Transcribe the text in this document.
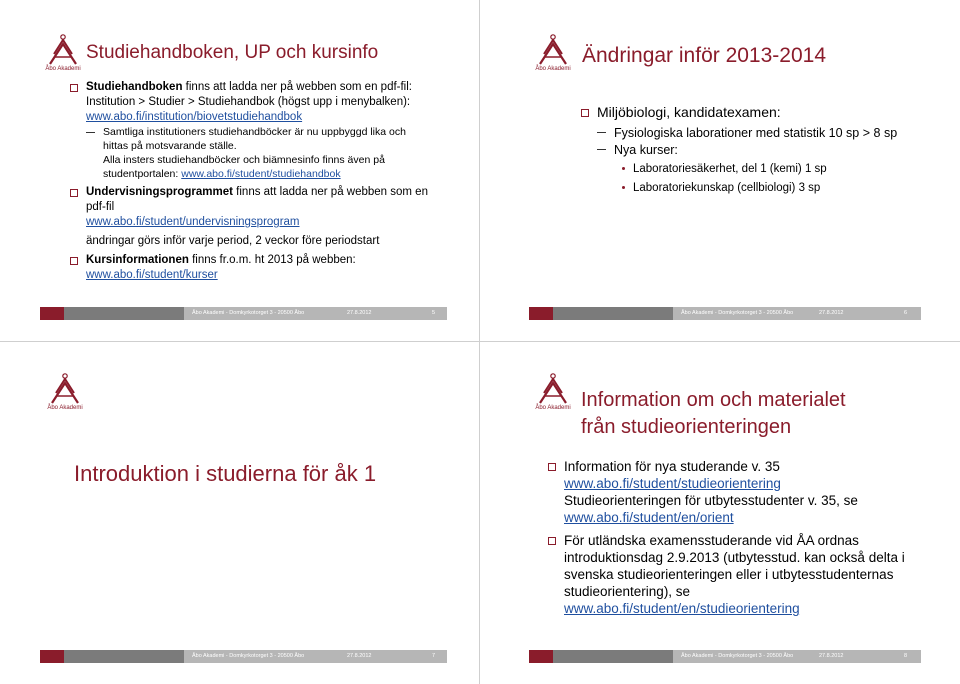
Åbo Akademi
Studiehandboken, UP och kursinfo

Studiehandboken finns att ladda ner på webben som en pdf-fil: Institution > Studier > Studiehandbok (högst upp i menybalken): www.abo.fi/institution/biovetstudiehandbok

Samtliga institutioners studiehandböcker är nu uppbyggd lika och hittas på motsvarande ställe.

Alla insters studiehandböcker och biämnesinfo finns även på studentportalen: www.abo.fi/student/studiehandbok

Undervisningsprogrammet finns att ladda ner på webben som en pdf-fil

www.abo.fi/student/undervisningsprogram

ändringar görs inför varje period, 2 veckor före periodstart

Kursinformationen finns fr.o.m. ht 2013 på webben: www.abo.fi/student/kurser

Åbo Akademi - Domkyrkotorget 3 - 20500 Åbo	27.8.2012	5
Åbo Akademi
Ändringar inför 2013-2014

Miljöbiologi, kandidatexamen:

Fysiologiska laborationer med statistik 10 sp > 8 sp

Nya kurser:

Laboratoriesäkerhet, del 1 (kemi) 1 sp

Laboratoriekunskap (cellbiologi) 3 sp

Åbo Akademi - Domkyrkotorget 3 - 20500 Åbo	27.8.2012	6
Åbo Akademi
Introduktion i studierna för åk 1
Åbo Akademi - Domkyrkotorget 3 - 20500 Åbo	27.8.2012	7
Åbo Akademi Information om och materialet
från studieorienteringen

Information för nya studerande v. 35
www.abo.fi/student/studieorientering
Studieorienteringen för utbytesstudenter v. 35, se
www.abo.fi/student/en/orient

För utländska examensstuderande vid ÅA ordnas introduktionsdag 2.9.2013 (utbytesstud. kan också delta i svenska studieorienteringen eller i utbytesstudenternas studieorientering), se
www.abo.fi/student/en/studieorientering

Åbo Akademi - Domkyrkotorget 3 - 20500 Åbo	27.8.2012	8
